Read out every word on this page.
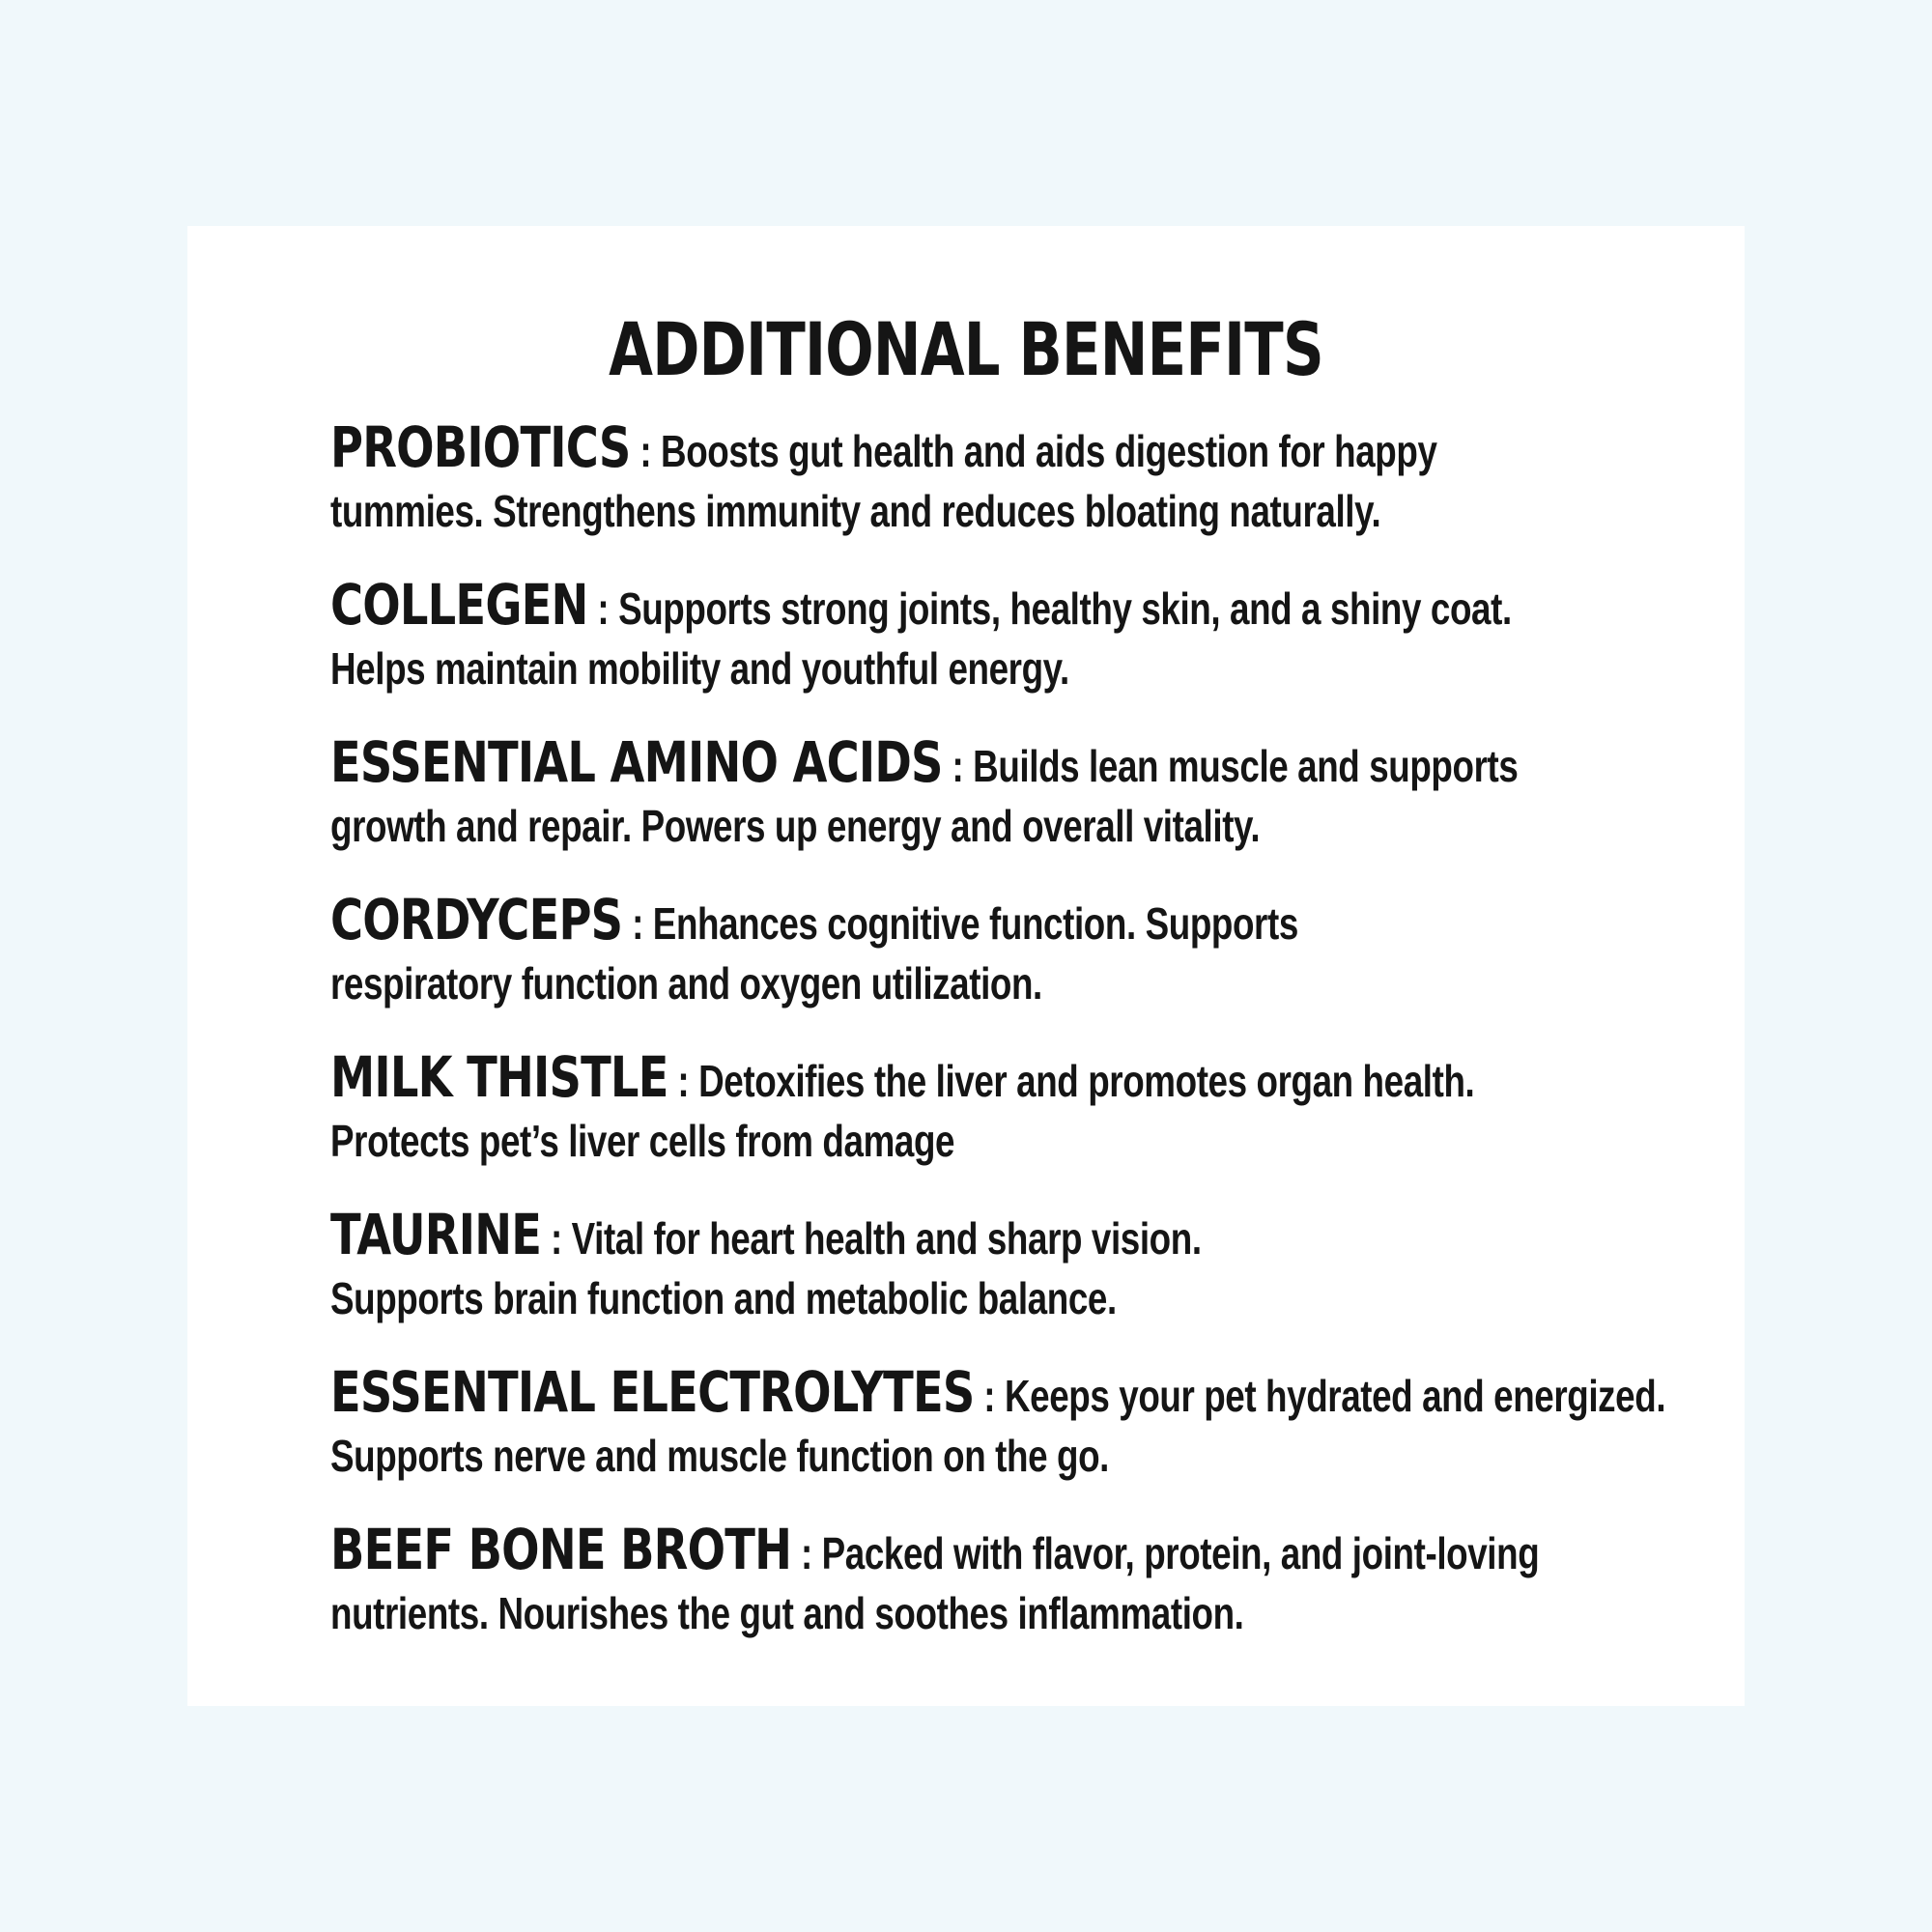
ADDITIONAL BENEFITS
PROBIOTICS : Boosts gut health and aids digestion for happy
tummies. Strengthens immunity and reduces bloating naturally.
COLLEGEN : Supports strong joints, healthy skin, and a shiny coat.
Helps maintain mobility and youthful energy.
ESSENTIAL AMINO ACIDS : Builds lean muscle and supports
growth and repair. Powers up energy and overall vitality.
CORDYCEPS : Enhances cognitive function. Supports
respiratory function and oxygen utilization.
MILK THISTLE : Detoxifies the liver and promotes organ health.
Protects pet’s liver cells from damage
TAURINE : Vital for heart health and sharp vision.
Supports brain function and metabolic balance.
ESSENTIAL ELECTROLYTES : Keeps your pet hydrated and energized.
Supports nerve and muscle function on the go.
BEEF BONE BROTH : Packed with flavor, protein, and joint-loving
nutrients. Nourishes the gut and soothes inflammation.
